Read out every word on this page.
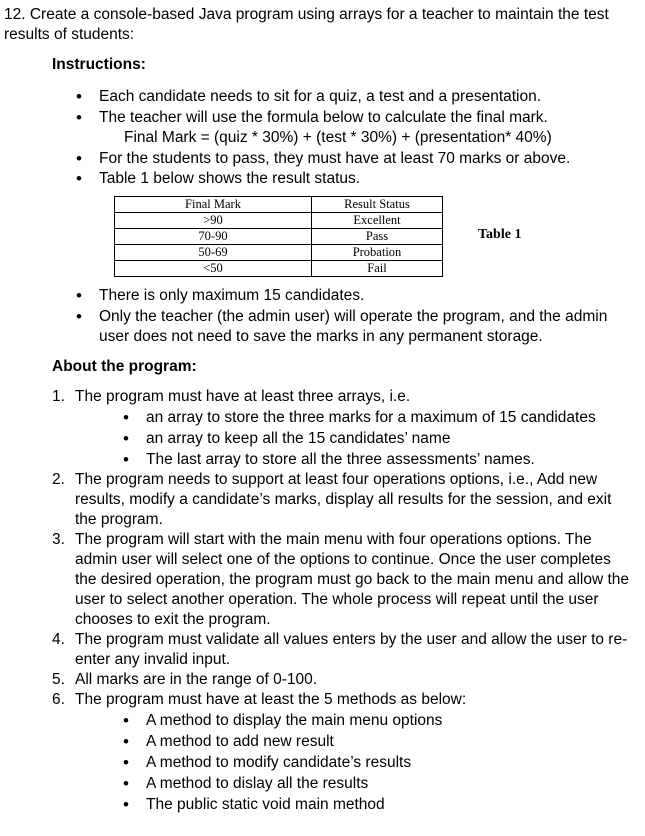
12. Create a console-based Java program using arrays for a teacher to maintain the test results of students:
Instructions:
• Each candidate needs to sit for a quiz, a test and a presentation.
• The teacher will use the formula below to calculate the final mark.
Final Mark = (quiz * 30%) + (test * 30%) + (presentation* 40%)
• For the students to pass, they must have at least 70 marks or above.
• Table 1 below shows the result status.
Final Mark	Result Status
>90	Excellent
70-90	Pass
50-69	Probation
<50	Fail
Table 1
• There is only maximum 15 candidates.
• Only the teacher (the admin user) will operate the program, and the admin user does not need to save the marks in any permanent storage.
About the program:
1. The program must have at least three arrays, i.e.
• an array to store the three marks for a maximum of 15 candidates
• an array to keep all the 15 candidates’ name
• The last array to store all the three assessments’ names.
2. The program needs to support at least four operations options, i.e., Add new results, modify a candidate’s marks, display all results for the session, and exit the program.
3. The program will start with the main menu with four operations options. The admin user will select one of the options to continue. Once the user completes the desired operation, the program must go back to the main menu and allow the user to select another operation. The whole process will repeat until the user chooses to exit the program.
4. The program must validate all values enters by the user and allow the user to re-enter any invalid input.
5. All marks are in the range of 0-100.
6. The program must have at least the 5 methods as below:
• A method to display the main menu options
• A method to add new result
• A method to modify candidate’s results
• A method to dislay all the results
• The public static void main method
